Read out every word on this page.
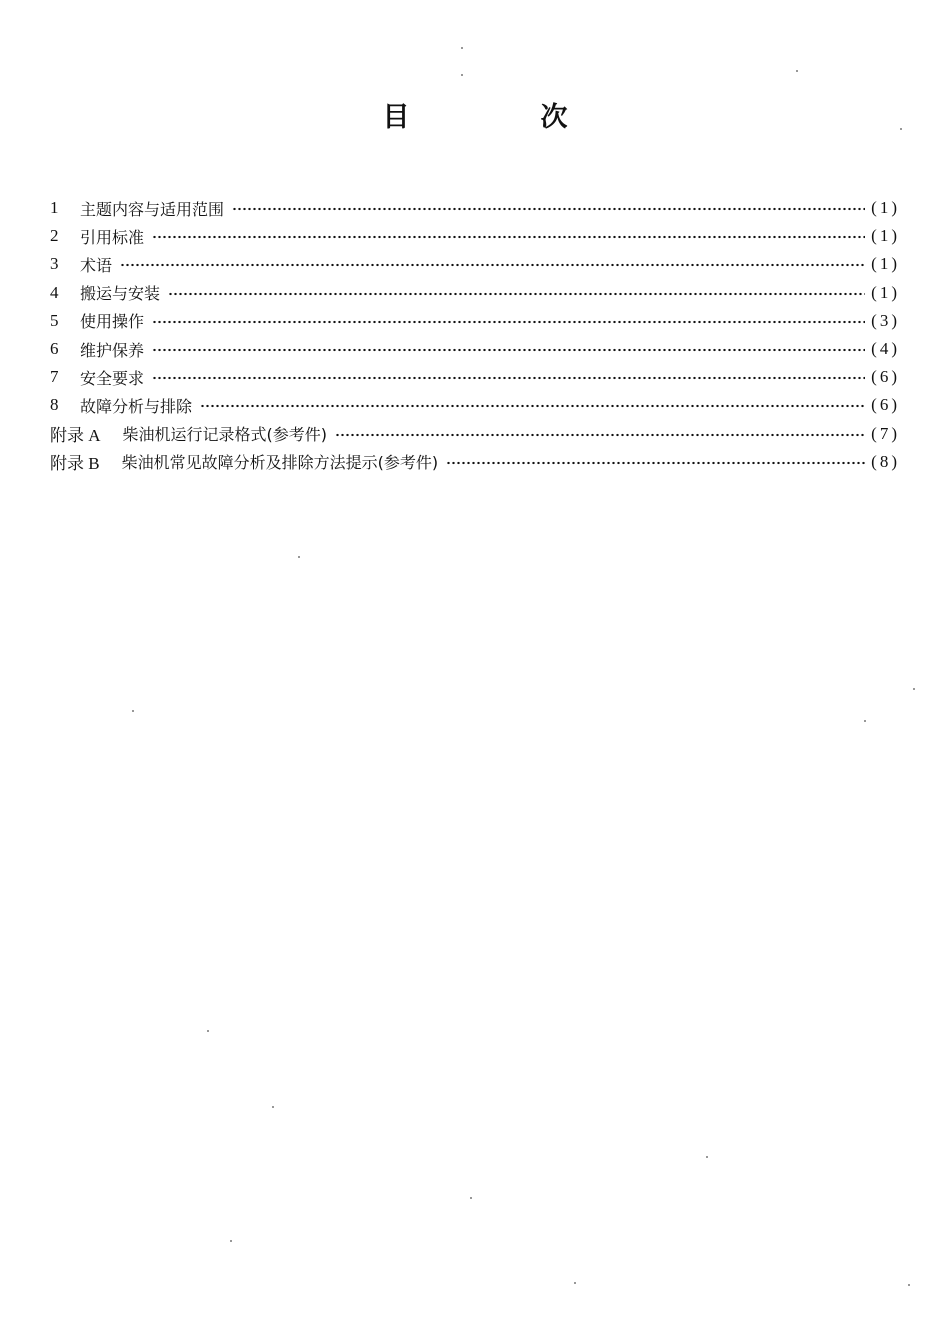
目　次
1	主题内容与适用范围	(1)
2	引用标准	(1)
3	术语	(1)
4	搬运与安装	(1)
5	使用操作	(3)
6	维护保养	(4)
7	安全要求	(6)
8	故障分析与排除	(6)
附录 A 柴油机运行记录格式(参考件)	(7)
附录 B 柴油机常见故障分析及排除方法提示(参考件)	(8)
